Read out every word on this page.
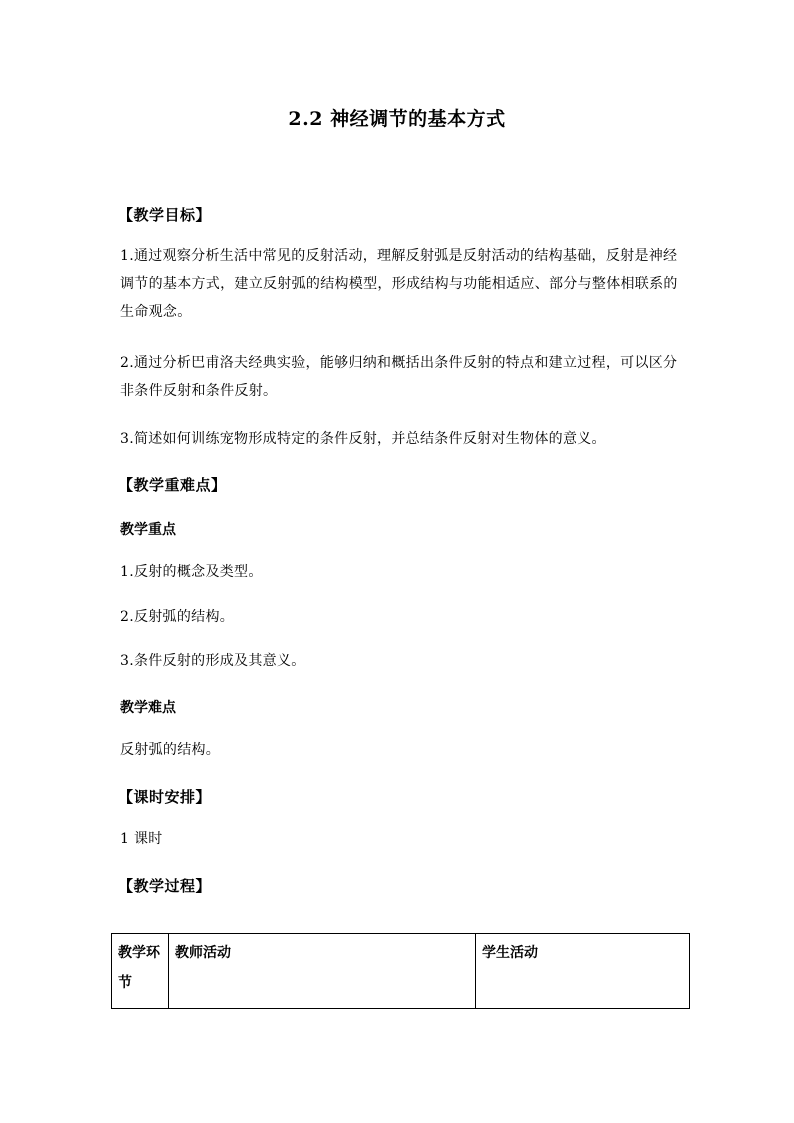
2.2 神经调节的基本方式
【教学目标】
1.通过观察分析生活中常见的反射活动，理解反射弧是反射活动的结构基础，反射是神经调节的基本方式，建立反射弧的结构模型，形成结构与功能相适应、部分与整体相联系的生命观念。
2.通过分析巴甫洛夫经典实验，能够归纳和概括出条件反射的特点和建立过程，可以区分非条件反射和条件反射。
3.简述如何训练宠物形成特定的条件反射，并总结条件反射对生物体的意义。
【教学重难点】
教学重点
1.反射的概念及类型。
2.反射弧的结构。
3.条件反射的形成及其意义。
教学难点
反射弧的结构。
【课时安排】
1 课时
【教学过程】
教学环节	教师活动	学生活动
